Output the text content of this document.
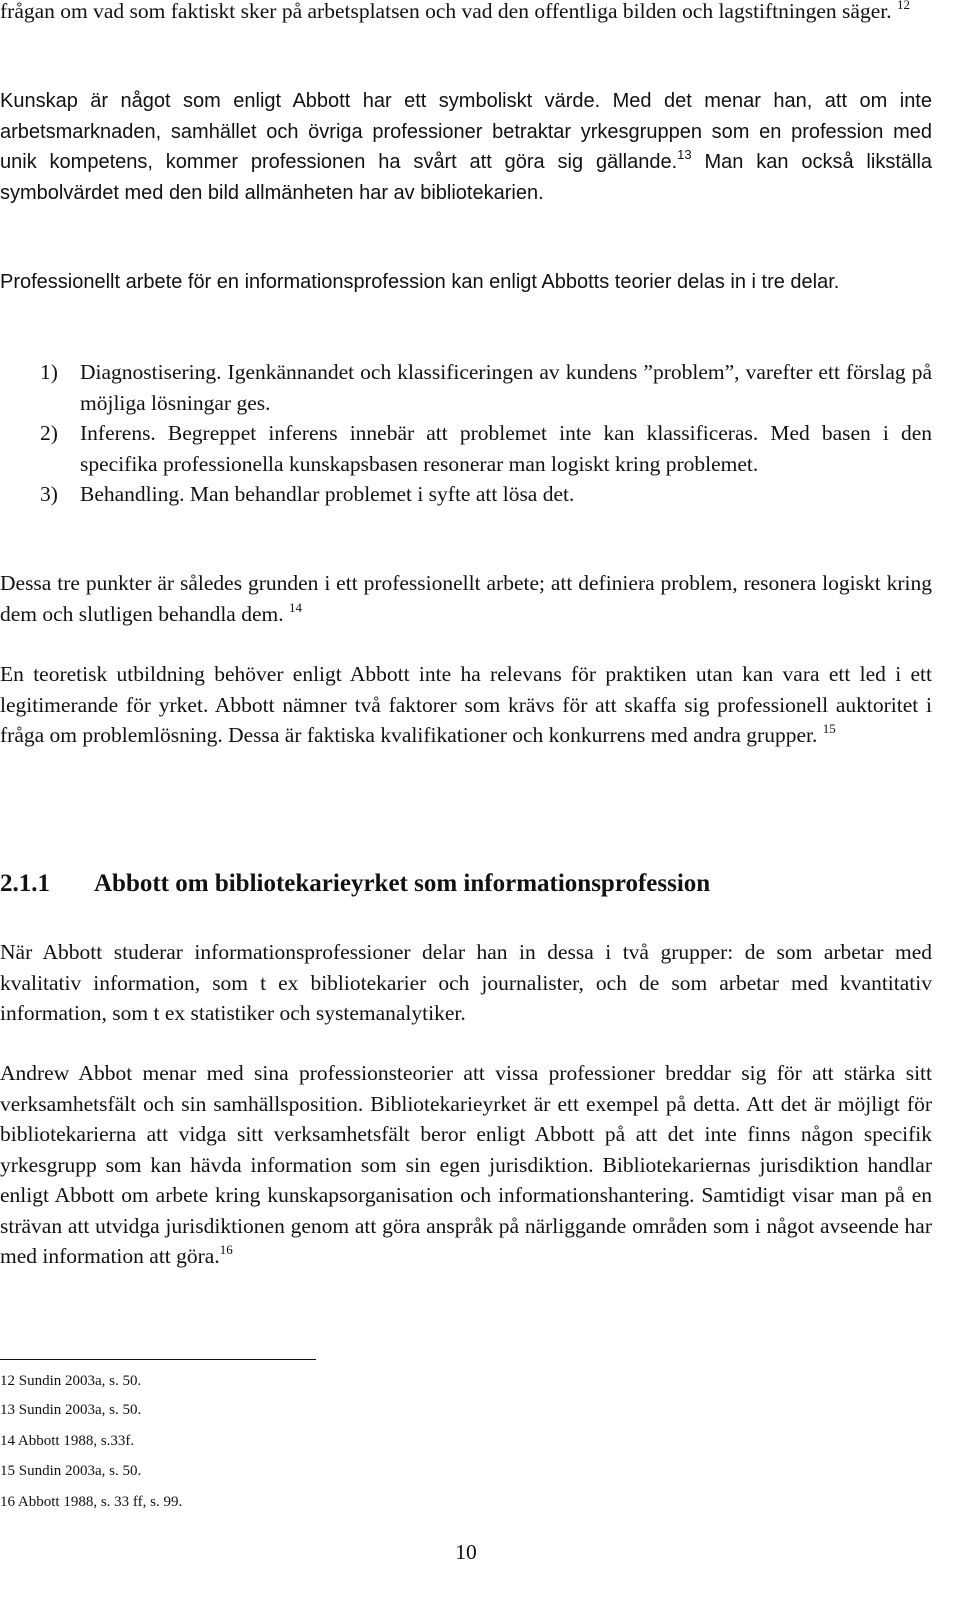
frågan om vad som faktiskt sker på arbetsplatsen och vad den offentliga bilden och lagstiftningen säger. $^{12}$

Kunskap är något som enligt Abbott har ett symboliskt värde. Med det menar han, att om inte arbetsmarknaden, samhället och övriga professioner betraktar yrkesgruppen som en profession med unik kompetens, kommer professionen ha svårt att göra sig gällande.$^{13}$ Man kan också likställa symbolvärdet med den bild allmänheten har av bibliotekarien.

Professionellt arbete för en informationsprofession kan enligt Abbotts teorier delas in i tre delar.

1) Diagnostisering. Igenkännandet och klassificeringen av kundens ”problem”, varefter ett förslag på möjliga lösningar ges.
2) Inferens. Begreppet inferens innebär att problemet inte kan klassificeras. Med basen i den specifika professionella kunskapsbasen resonerar man logiskt kring problemet.
3) Behandling. Man behandlar problemet i syfte att lösa det.

Dessa tre punkter är således grunden i ett professionellt arbete; att definiera problem, resonera logiskt kring dem och slutligen behandla dem. $^{14}$

En teoretisk utbildning behöver enligt Abbott inte ha relevans för praktiken utan kan vara ett led i ett legitimerande för yrket. Abbott nämner två faktorer som krävs för att skaffa sig professionell auktoritet i fråga om problemlösning. Dessa är faktiska kvalifikationer och konkurrens med andra grupper. $^{15}$

2.1.1 Abbott om bibliotekarieyrket som informationsprofession

När Abbott studerar informationsprofessioner delar han in dessa i två grupper: de som arbetar med kvalitativ information, som t ex bibliotekarier och journalister, och de som arbetar med kvantitativ information, som t ex statistiker och systemanalytiker.

Andrew Abbot menar med sina professionsteorier att vissa professioner breddar sig för att stärka sitt verksamhetsfält och sin samhällsposition. Bibliotekarieyrket är ett exempel på detta. Att det är möjligt för bibliotekarierna att vidga sitt verksamhetsfält beror enligt Abbott på att det inte finns någon specifik yrkesgrupp som kan hävda information som sin egen jurisdiktion. Bibliotekariernas jurisdiktion handlar enligt Abbott om arbete kring kunskapsorganisation och informationshantering. Samtidigt visar man på en strävan att utvidga jurisdiktionen genom att göra anspråk på närliggande områden som i något avseende har med information att göra.$^{16}$

12 Sundin 2003a, s. 50.

13 Sundin 2003a, s. 50.

14 Abbott 1988, s.33f.

15 Sundin 2003a, s. 50.

16 Abbott 1988, s. 33 ff, s. 99.

10
